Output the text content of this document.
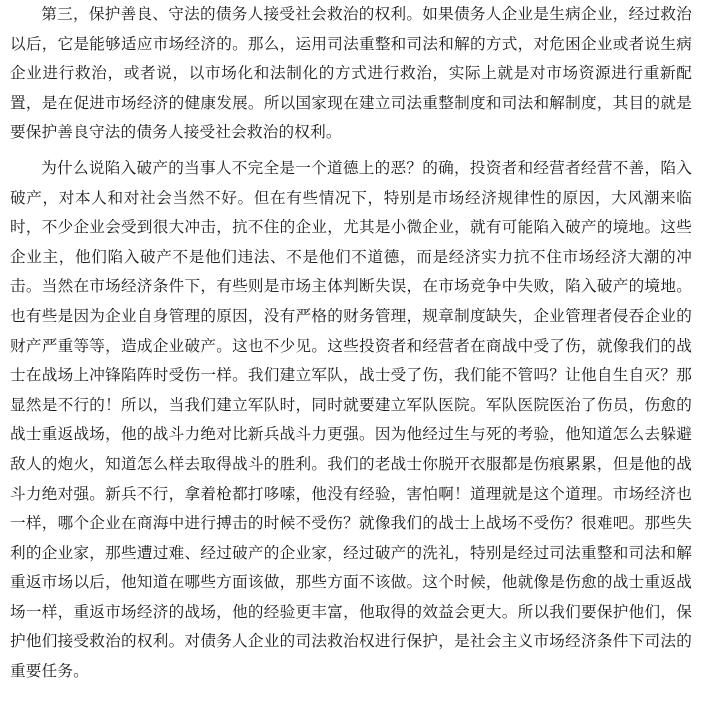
第三，保护善良、守法的债务人接受社会救治的权利。如果债务人企业是生病企业，经过救治以后，它是能够适应市场经济的。那么，运用司法重整和司法和解的方式，对危困企业或者说生病企业进行救治，或者说，以市场化和法制化的方式进行救治，实际上就是对市场资源进行重新配置，是在促进市场经济的健康发展。所以国家现在建立司法重整制度和司法和解制度，其目的就是要保护善良守法的债务人接受社会救治的权利。

为什么说陷入破产的当事人不完全是一个道德上的恶？的确，投资者和经营者经营不善，陷入破产，对本人和对社会当然不好。但在有些情况下，特别是市场经济规律性的原因，大风潮来临时，不少企业会受到很大冲击，抗不住的企业，尤其是小微企业，就有可能陷入破产的境地。这些企业主，他们陷入破产不是他们违法、不是他们不道德，而是经济实力抗不住市场经济大潮的冲击。当然在市场经济条件下，有些则是市场主体判断失误，在市场竞争中失败，陷入破产的境地。也有些是因为企业自身管理的原因，没有严格的财务管理，规章制度缺失，企业管理者侵吞企业的财产严重等等，造成企业破产。这也不少见。这些投资者和经营者在商战中受了伤，就像我们的战士在战场上冲锋陷阵时受伤一样。我们建立军队，战士受了伤，我们能不管吗？让他自生自灭？那显然是不行的！所以，当我们建立军队时，同时就要建立军队医院。军队医院医治了伤员，伤愈的战士重返战场，他的战斗力绝对比新兵战斗力更强。因为他经过生与死的考验，他知道怎么去躲避敌人的炮火，知道怎么样去取得战斗的胜利。我们的老战士你脱开衣服都是伤痕累累，但是他的战斗力绝对强。新兵不行，拿着枪都打哆嗦，他没有经验，害怕啊！道理就是这个道理。市场经济也一样，哪个企业在商海中进行搏击的时候不受伤？就像我们的战士上战场不受伤？很难吧。那些失利的企业家，那些遭过难、经过破产的企业家，经过破产的洗礼，特别是经过司法重整和司法和解重返市场以后，他知道在哪些方面该做，那些方面不该做。这个时候，他就像是伤愈的战士重返战场一样，重返市场经济的战场，他的经验更丰富，他取得的效益会更大。所以我们要保护他们，保护他们接受救治的权利。对债务人企业的司法救治权进行保护，是社会主义市场经济条件下司法的重要任务。
